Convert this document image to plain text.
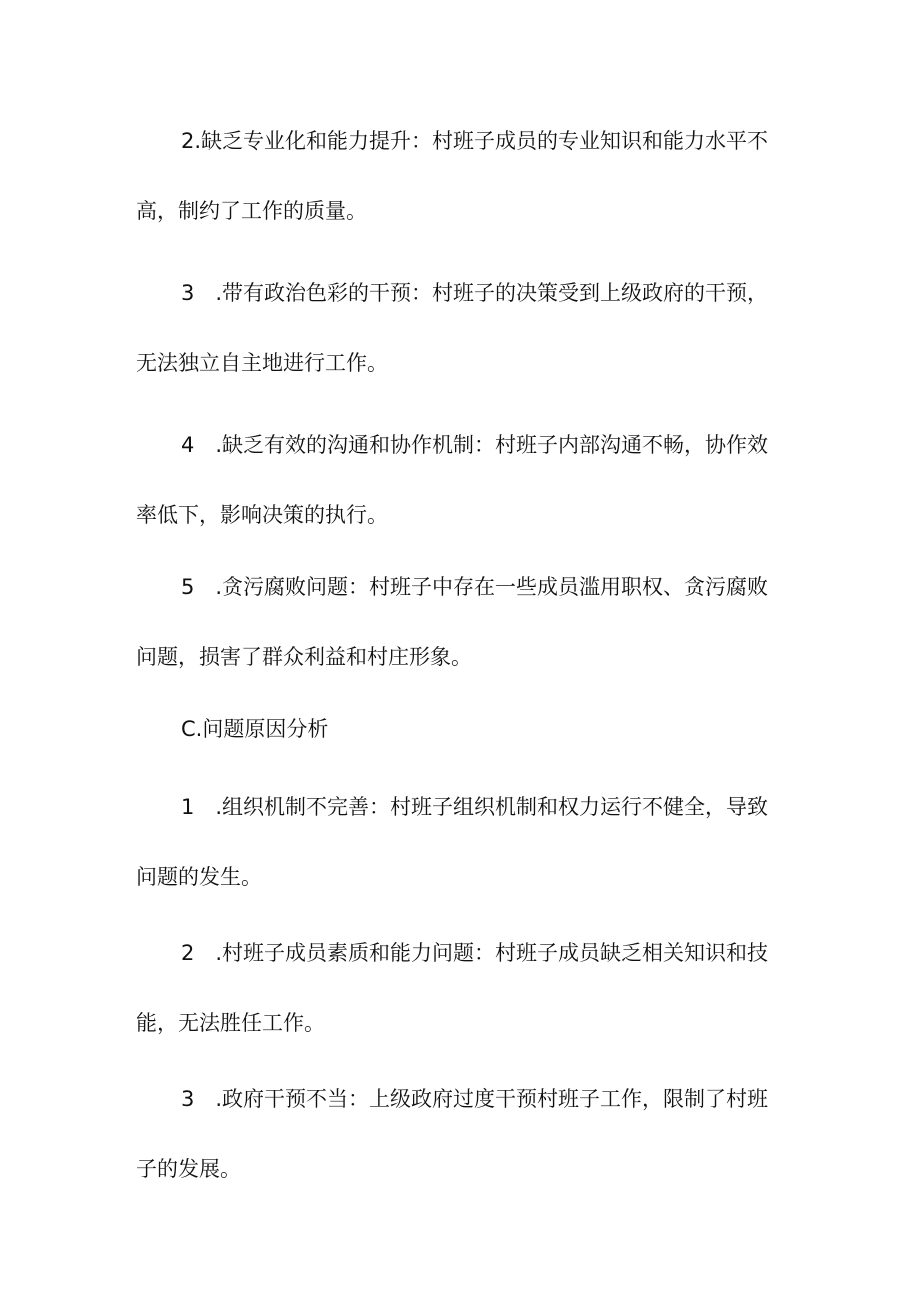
2.缺乏专业化和能力提升：村班子成员的专业知识和能力水平不高，制约了工作的质量。

3　.带有政治色彩的干预：村班子的决策受到上级政府的干预，无法独立自主地进行工作。

4　.缺乏有效的沟通和协作机制：村班子内部沟通不畅，协作效率低下，影响决策的执行。

5　.贪污腐败问题：村班子中存在一些成员滥用职权、贪污腐败问题，损害了群众利益和村庄形象。

C.问题原因分析

1　.组织机制不完善：村班子组织机制和权力运行不健全，导致问题的发生。

2　.村班子成员素质和能力问题：村班子成员缺乏相关知识和技能，无法胜任工作。

3　.政府干预不当：上级政府过度干预村班子工作，限制了村班子的发展。
